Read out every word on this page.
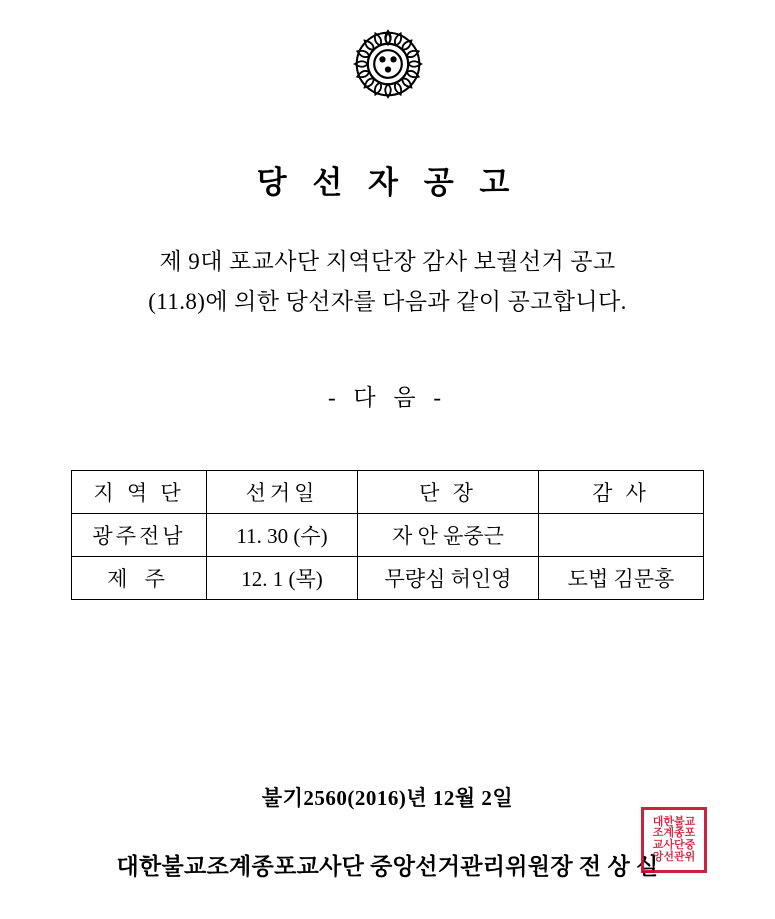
당 선 자 공 고
제 9대 포교사단 지역단장 감사 보궐선거 공고
(11.8)에 의한 당선자를 다음과 같이 공고합니다.
- 다 음 -
지 역 단	선거일	단 장	감 사
광주전남	11. 30 (수)	자 안 윤중근	
제 주	12. 1 (목)	무량심 허인영	도법 김문홍
불기2560(2016)년 12월 2일
대한불교조계종포교사단 중앙선거관리위원장 전 상 실
대한불교
조계종포
교사단중
앙선관위
